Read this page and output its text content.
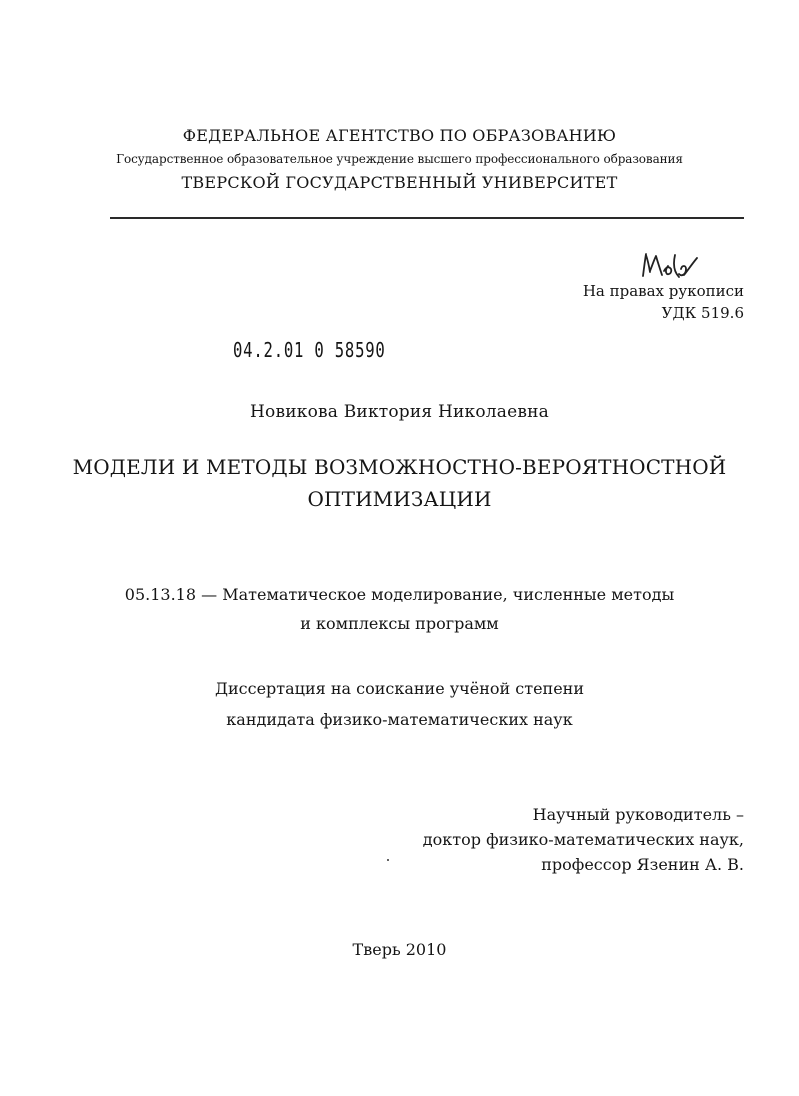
ФЕДЕРАЛЬНОЕ АГЕНТСТВО ПО ОБРАЗОВАНИЮ
Государственное образовательное учреждение высшего профессионального образования
ТВЕРСКОЙ ГОСУДАРСТВЕННЫЙ УНИВЕРСИТЕТ
На правах рукописи
УДК 519.6
04.2.01 0 58590
Новикова Виктория Николаевна
МОДЕЛИ И МЕТОДЫ ВОЗМОЖНОСТНО-ВЕРОЯТНОСТНОЙ
ОПТИМИЗАЦИИ
05.13.18 — Математическое моделирование, численные методы
и комплексы программ
Диссертация на соискание учёной степени
кандидата физико-математических наук
Научный руководитель –
доктор физико-математических наук,
профессор Язенин А. В.
Тверь 2010
